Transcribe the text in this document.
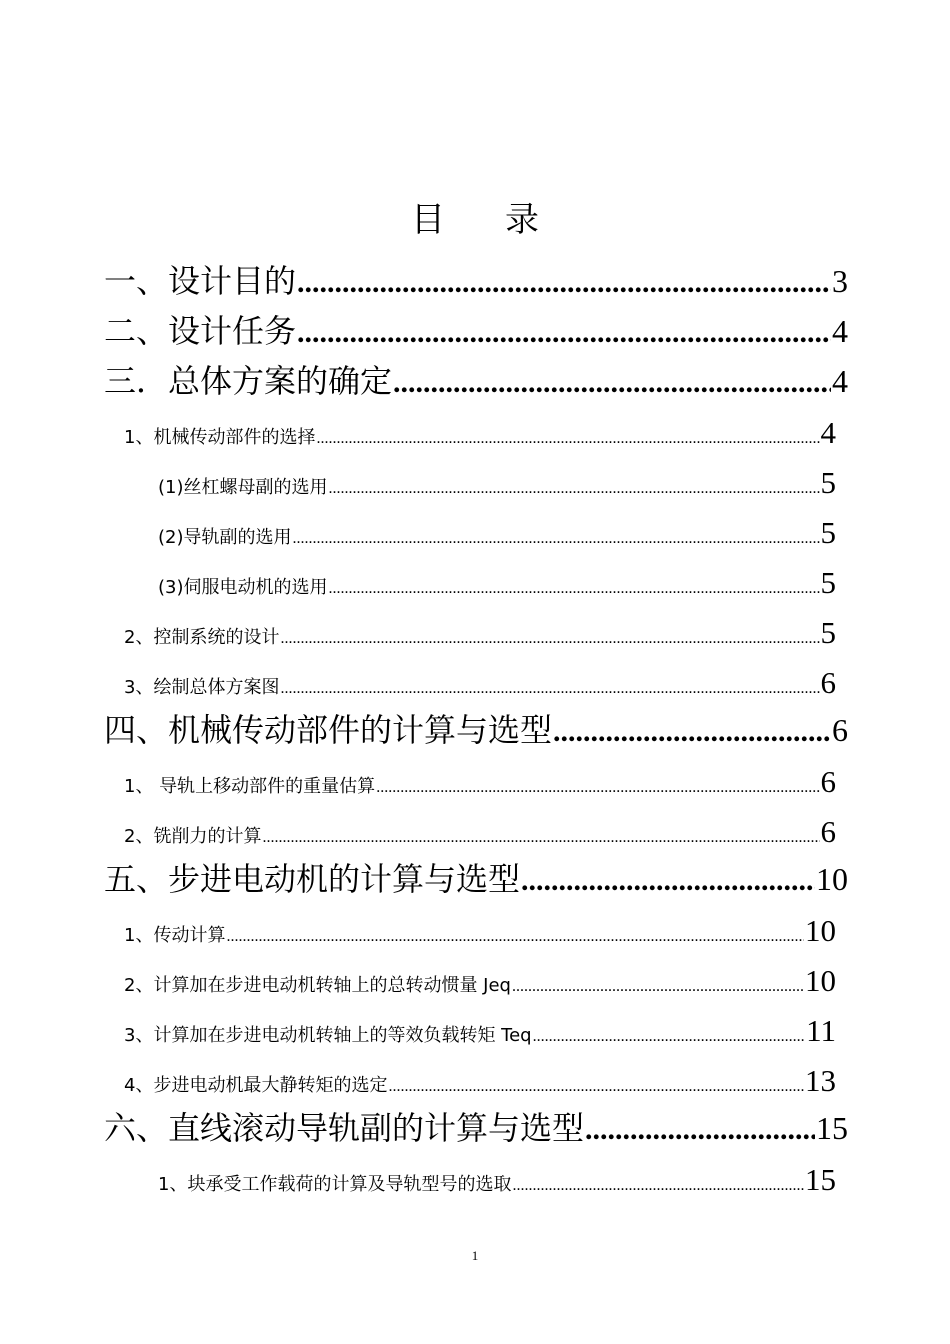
目 录
一、设计目的 .....	3
二、设计任务 .....	4
三．总体方案的确定 .....	4
1、机械传动部件的选择 .....	4
(1)丝杠螺母副的选用 .....	5
(2)导轨副的选用 .....	5
(3)伺服电动机的选用 .....	5
2、控制系统的设计 .....	5
3、绘制总体方案图 .....	6
四、机械传动部件的计算与选型 .....	6
1、 导轨上移动部件的重量估算 .....	6
2、铣削力的计算 .....	6
五、步进电动机的计算与选型 .....	10
1、传动计算 .....	10
2、计算加在步进电动机转轴上的总转动惯量 Jeq .....	10
3、计算加在步进电动机转轴上的等效负载转矩 Teq .....	11
4、步进电动机最大静转矩的选定 .....	13
六、直线滚动导轨副的计算与选型 .....	15
1、块承受工作载荷的计算及导轨型号的选取 .....	15
1
